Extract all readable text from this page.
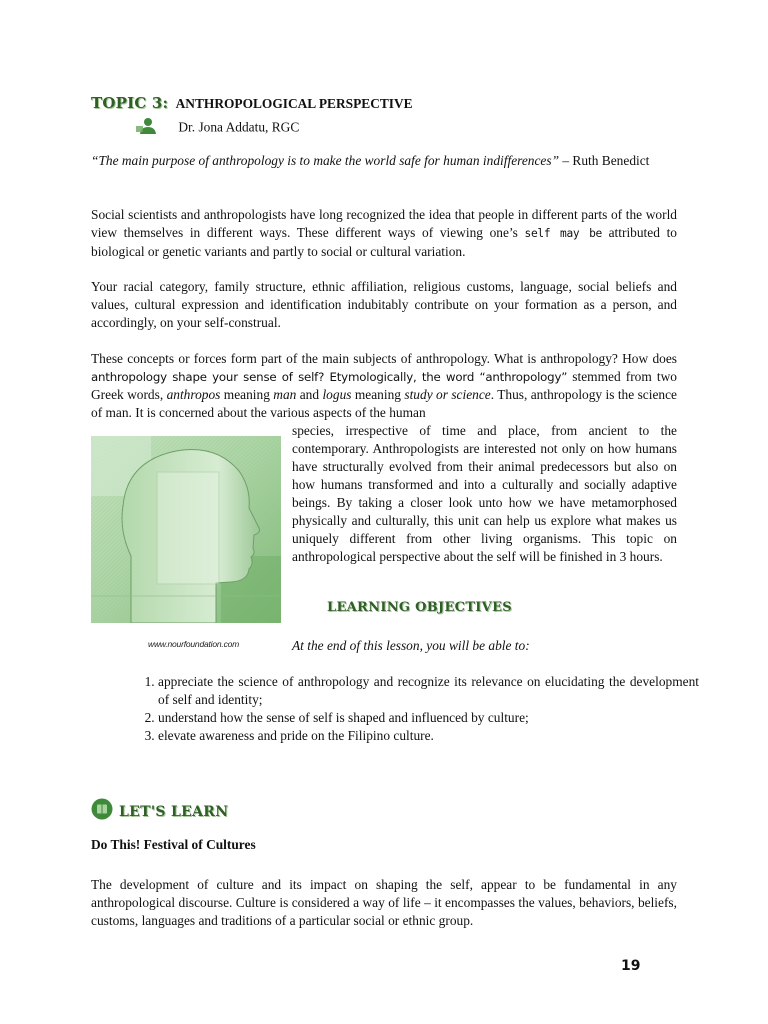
TOPIC 3: ANTHROPOLOGICAL PERSPECTIVE
Dr. Jona Addatu, RGC
“The main purpose of anthropology is to make the world safe for human indifferences” – Ruth Benedict
Social scientists and anthropologists have long recognized the idea that people in different parts of the world view themselves in different ways. These different ways of viewing one’s self may be attributed to biological or genetic variants and partly to social or cultural variation.
Your racial category, family structure, ethnic affiliation, religious customs, language, social beliefs and values, cultural expression and identification indubitably contribute on your formation as a person, and accordingly, on your self-construal.
These concepts or forces form part of the main subjects of anthropology. What is anthropology? How does anthropology shape your sense of self? Etymologically, the word “anthropology” stemmed from two Greek words, anthropos meaning man and logus meaning study or science. Thus, anthropology is the science of man. It is concerned about the various aspects of the human
species, irrespective of time and place, from ancient to the contemporary. Anthropologists are interested not only on how humans have structurally evolved from their animal predecessors but also on how humans transformed and into a culturally and socially adaptive beings. By taking a closer look unto how we have metamorphosed physically and culturally, this unit can help us explore what makes us uniquely different from other living organisms. This topic on anthropological perspective about the self will be finished in 3 hours.
www.nourfoundation.com
LEARNING OBJECTIVES
At the end of this lesson, you will be able to:
1. appreciate the science of anthropology and recognize its relevance on elucidating the development of self and identity;
2. understand how the sense of self is shaped and influenced by culture;
3. elevate awareness and pride on the Filipino culture.
LET'S LEARN
Do This! Festival of Cultures
The development of culture and its impact on shaping the self, appear to be fundamental in any anthropological discourse. Culture is considered a way of life – it encompasses the values, behaviors, beliefs, customs, languages and traditions of a particular social or ethnic group.
19
